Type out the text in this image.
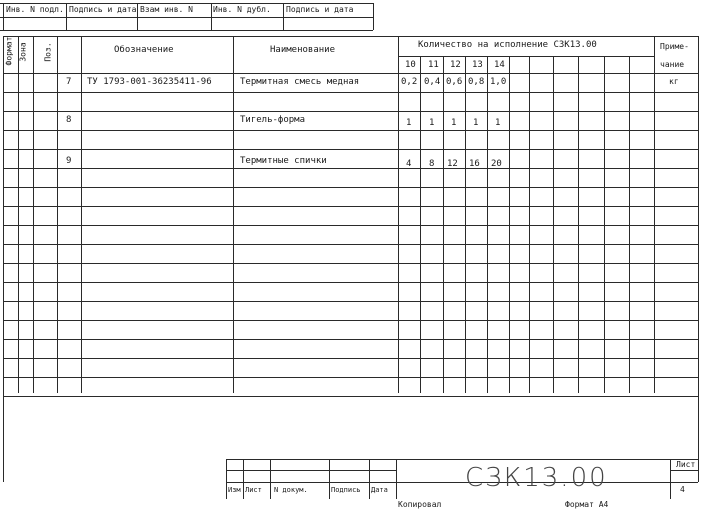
Инв. N подл. Подпись и дата Взам инв. N	Инв. N дубл. Подпись и дата
Формат Зона Поз.	Обозначение	Наименование	Количество на исполнение СЗК13.00
10 11 12 13 14
Приме-
чание
7 ТУ 1793-001-36235411-96	Термитная смесь медная	0,2 0,4 0,6 0,8 1,0	кг
8	Тигель-форма	1 1 1 1 1
9	Термитные спички	4 8 12 16 20
Изм Лист N докум.	Подпись Дата	СЗК13.00	Лист
4
Копировал	Формат А4
